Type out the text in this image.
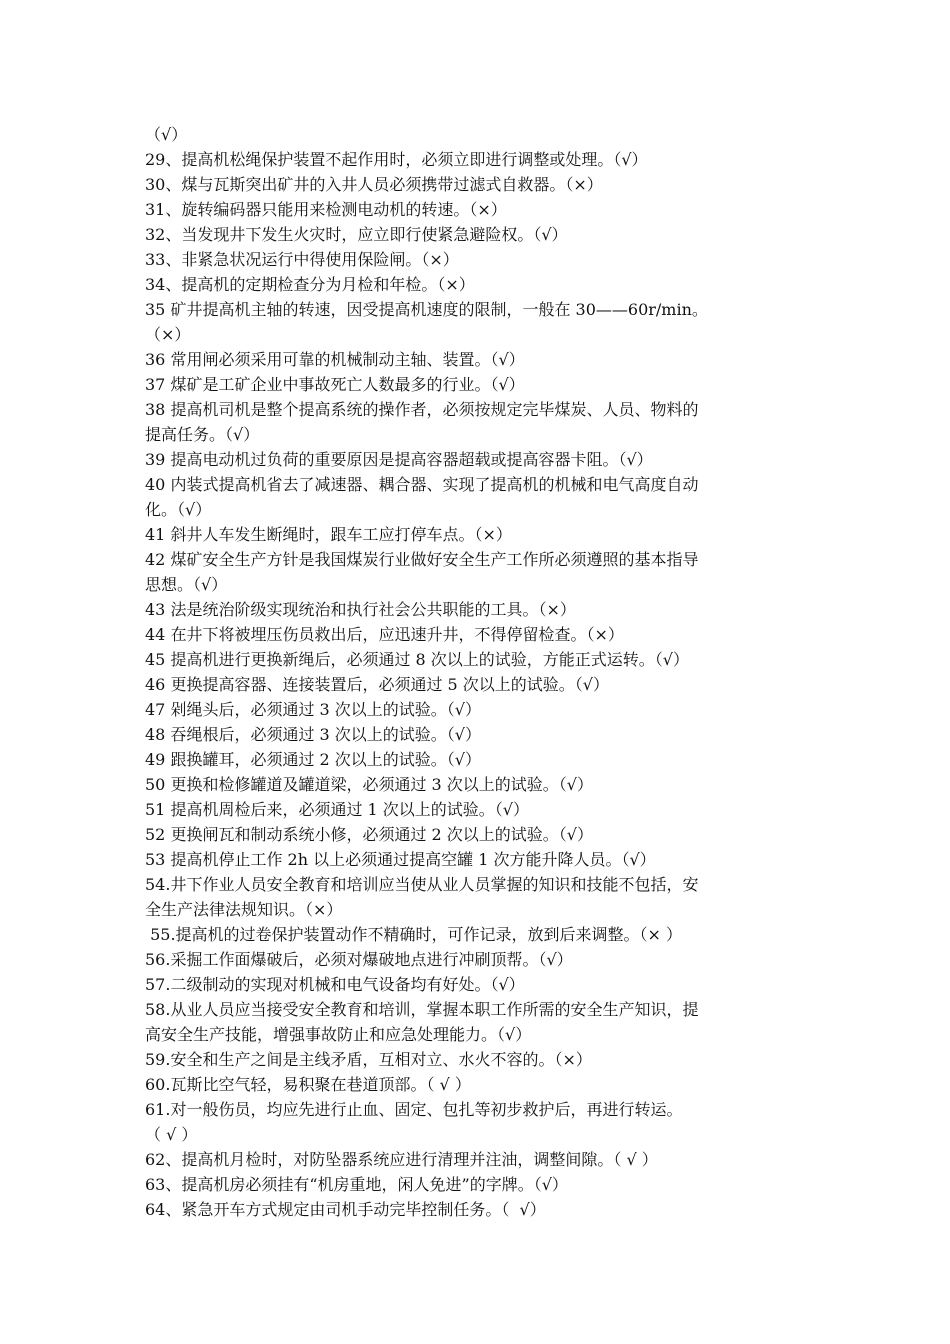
（√）
29、提高机松绳保护装置不起作用时，必须立即进行调整或处理。（√）
30、煤与瓦斯突出矿井的入井人员必须携带过滤式自救器。（×）
31、旋转编码器只能用来检测电动机的转速。（×）
32、当发现井下发生火灾时，应立即行使紧急避险权。（√）
33、非紧急状况运行中得使用保险闸。（×）
34、提高机的定期检查分为月检和年检。（×）
35 矿井提高机主轴的转速，因受提高机速度的限制，一般在 30——60r/min。
（×）
36 常用闸必须采用可靠的机械制动主轴、装置。（√）
37 煤矿是工矿企业中事故死亡人数最多的行业。（√）
38 提高机司机是整个提高系统的操作者，必须按规定完毕煤炭、人员、物料的
提高任务。（√）
39 提高电动机过负荷的重要原因是提高容器超载或提高容器卡阻。（√）
40 内装式提高机省去了减速器、耦合器、实现了提高机的机械和电气高度自动
化。（√）
41 斜井人车发生断绳时，跟车工应打停车点。（×）
42 煤矿安全生产方针是我国煤炭行业做好安全生产工作所必须遵照的基本指导
思想。（√）
43 法是统治阶级实现统治和执行社会公共职能的工具。（×）
44 在井下将被埋压伤员救出后，应迅速升井，不得停留检查。（×）
45 提高机进行更换新绳后，必须通过 8 次以上的试验，方能正式运转。（√）
46 更换提高容器、连接装置后，必须通过 5 次以上的试验。（√）
47 剁绳头后，必须通过 3 次以上的试验。（√）
48 吞绳根后，必须通过 3 次以上的试验。（√）
49 跟换罐耳，必须通过 2 次以上的试验。（√）
50 更换和检修罐道及罐道梁，必须通过 3 次以上的试验。（√）
51 提高机周检后来，必须通过 1 次以上的试验。（√）
52 更换闸瓦和制动系统小修，必须通过 2 次以上的试验。（√）
53 提高机停止工作 2h 以上必须通过提高空罐 1 次方能升降人员。（√）
54.井下作业人员安全教育和培训应当使从业人员掌握的知识和技能不包括，安
全生产法律法规知识。（×）
55.提高机的过卷保护装置动作不精确时，可作记录，放到后来调整。（× ）
56.采掘工作面爆破后，必须对爆破地点进行冲刷顶帮。（√）
57.二级制动的实现对机械和电气设备均有好处。（√）
58.从业人员应当接受安全教育和培训，掌握本职工作所需的安全生产知识，提
高安全生产技能，增强事故防止和应急处理能力。（√）
59.安全和生产之间是主线矛盾，互相对立、水火不容的。（×）
60.瓦斯比空气轻，易积聚在巷道顶部。（ √ ）
61.对一般伤员，均应先进行止血、固定、包扎等初步救护后，再进行转运。
（ √ ）
62、提高机月检时，对防坠器系统应进行清理并注油，调整间隙。（ √ ）
63、提高机房必须挂有“机房重地，闲人免进”的字牌。（√）
64、紧急开车方式规定由司机手动完毕控制任务。（  √）
